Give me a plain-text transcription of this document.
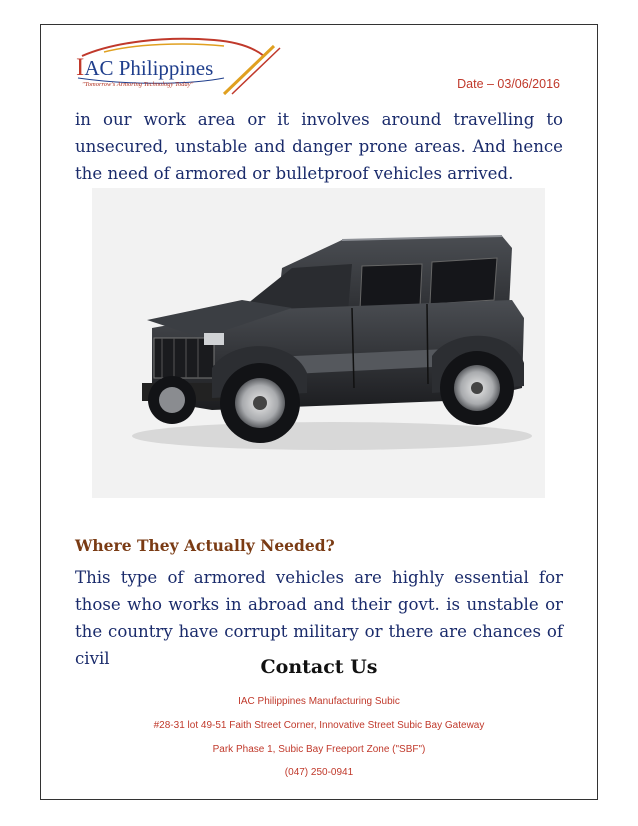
IAC Philippines
"Tomorrow's Armoring Technology Today"	Date – 03/06/2016

in our work area or it involves around travelling to unsecured, unstable and danger prone areas. And hence the need of armored or bulletproof vehicles arrived.

Where They Actually Needed?

This type of armored vehicles are highly essential for those who works in abroad and their govt. is unstable or the country have corrupt military or there are chances of civil	Contact Us
IAC Philippines Manufacturing Subic
#28-31 lot 49-51 Faith Street Corner, Innovative Street Subic Bay Gateway
Park Phase 1, Subic Bay Freeport Zone ("SBF")
(047) 250-0941
